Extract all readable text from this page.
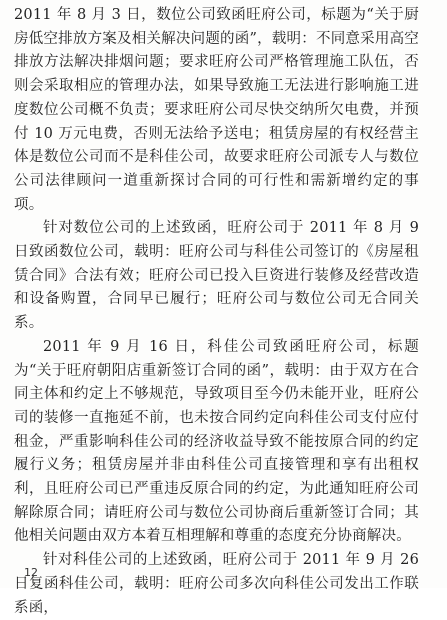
2011 年 8 月 3 日，数位公司致函旺府公司，标题为“关于厨房低空排放方案及相关解决问题的函”，载明：不同意采用高空排放方法解决排烟问题；要求旺府公司严格管理施工队伍，否则会采取相应的管理办法，如果导致施工无法进行影响施工进度数位公司概不负责；要求旺府公司尽快交纳所欠电费，并预付 10 万元电费，否则无法给予送电；租赁房屋的有权经营主体是数位公司而不是科佳公司，故要求旺府公司派专人与数位公司法律顾问一道重新探讨合同的可行性和需新增约定的事项。

针对数位公司的上述致函，旺府公司于 2011 年 8 月 9 日致函数位公司，载明：旺府公司与科佳公司签订的《房屋租赁合同》合法有效；旺府公司已投入巨资进行装修及经营改造和设备购置，合同早已履行；旺府公司与数位公司无合同关系。

2011 年 9 月 16 日，科佳公司致函旺府公司，标题为“关于旺府朝阳店重新签订合同的函”，载明：由于双方在合同主体和约定上不够规范，导致项目至今仍未能开业，旺府公司的装修一直拖延不前，也未按合同约定向科佳公司支付应付租金，严重影响科佳公司的经济收益导致不能按原合同的约定履行义务；租赁房屋并非由科佳公司直接管理和享有出租权利，且旺府公司已严重违反原合同的约定，为此通知旺府公司解除原合同；请旺府公司与数位公司协商后重新签订合同；其他相关问题由双方本着互相理解和尊重的态度充分协商解决。

针对科佳公司的上述致函，旺府公司于 2011 年 9 月 26 日复函科佳公司，载明：旺府公司多次向科佳公司发出工作联系函，

12
